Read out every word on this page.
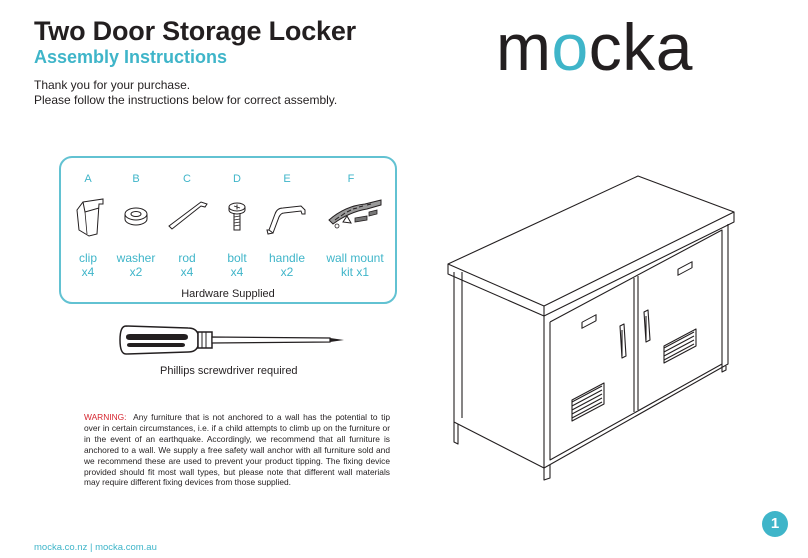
Two Door Storage Locker
Assembly Instructions
Thank you for your purchase.
Please follow the instructions below for correct assembly.
mocka
A
clip
x4
B
washer
x2
C
rod
x4
D
bolt
x4
E
handle
x2
F
wall mount
kit x1
Hardware Supplied
Phillips screwdriver required
WARNING: Any furniture that is not anchored to a wall has the potential to tip over in certain circumstances, i.e. if a child attempts to climb up on the furniture or in the event of an earthquake. Accordingly, we recommend that all furniture is anchored to a wall. We supply a free safety wall anchor with all furniture sold and we recommend these are used to prevent your product tipping. The fixing device provided should fit most wall types, but please note that different wall materials may require different fixing devices from those supplied.
mocka.co.nz | mocka.com.au
1
